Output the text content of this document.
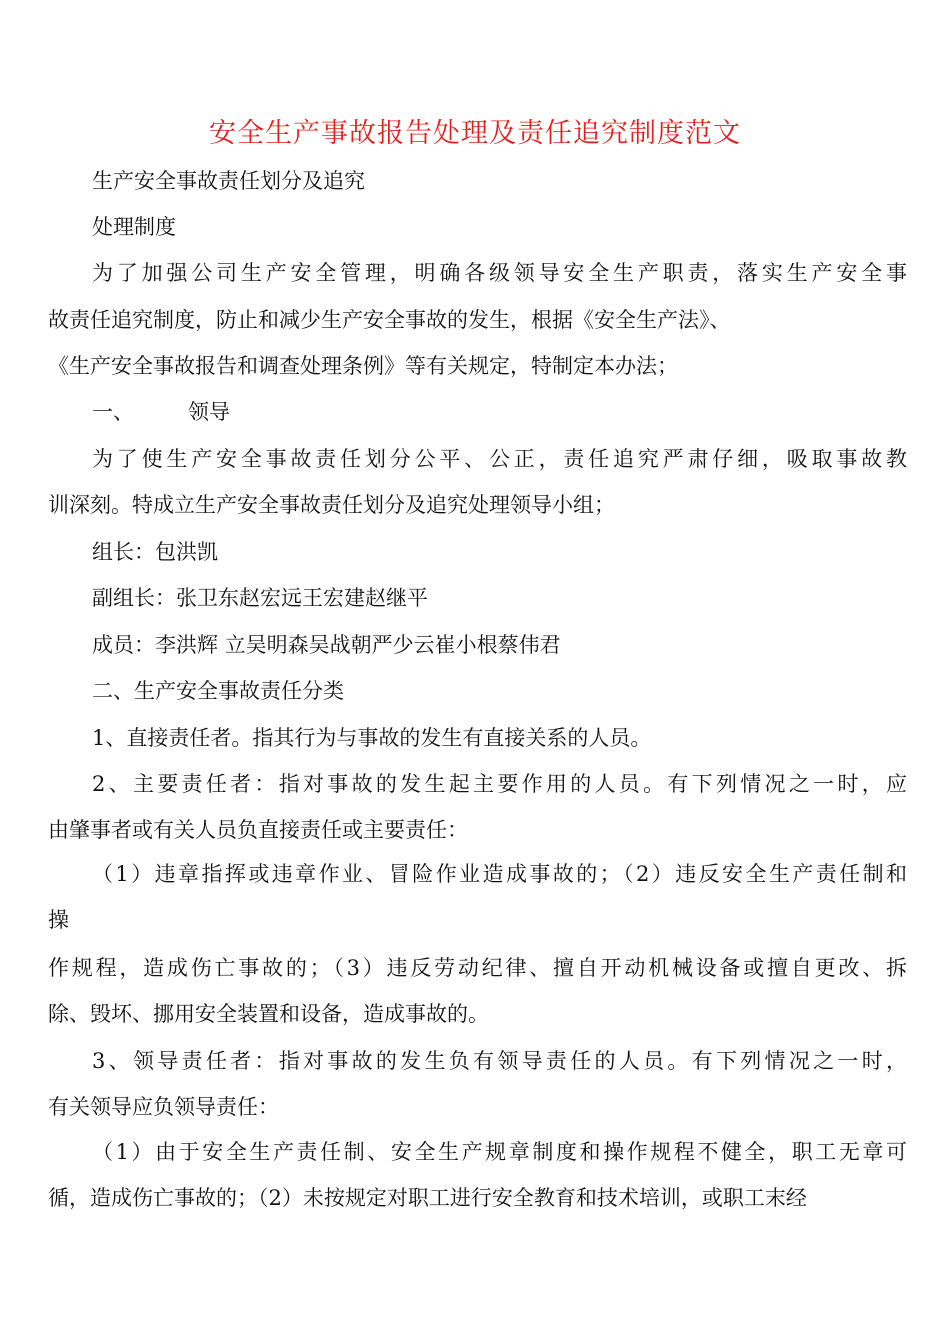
安全生产事故报告处理及责任追究制度范文
生产安全事故责任划分及追究
处理制度
为了加强公司生产安全管理，明确各级领导安全生产职责，落实生产安全事
故责任追究制度，防止和减少生产安全事故的发生，根据《安全生产法》、
《生产安全事故报告和调查处理条例》等有关规定，特制定本办法；
一、	领导
为了使生产安全事故责任划分公平、公正，责任追究严肃仔细，吸取事故教
训深刻。特成立生产安全事故责任划分及追究处理领导小组；
组长：包洪凯
副组长：张卫东赵宏远王宏建赵继平
成员：李洪辉 立吴明森吴战朝严少云崔小根蔡伟君
二、生产安全事故责任分类
1、直接责任者。指其行为与事故的发生有直接关系的人员。
2、主要责任者：指对事故的发生起主要作用的人员。有下列情况之一时，应
由肇事者或有关人员负直接责任或主要责任：
（1）违章指挥或违章作业、冒险作业造成事故的；（2）违反安全生产责任制和
操
作规程，造成伤亡事故的；（3）违反劳动纪律、擅自开动机械设备或擅自更改、拆
除、毁坏、挪用安全装置和设备，造成事故的。
3、领导责任者：指对事故的发生负有领导责任的人员。有下列情况之一时，
有关领导应负领导责任：
（1）由于安全生产责任制、安全生产规章制度和操作规程不健全，职工无章可
循，造成伤亡事故的；（2）未按规定对职工进行安全教育和技术培训，或职工末经
